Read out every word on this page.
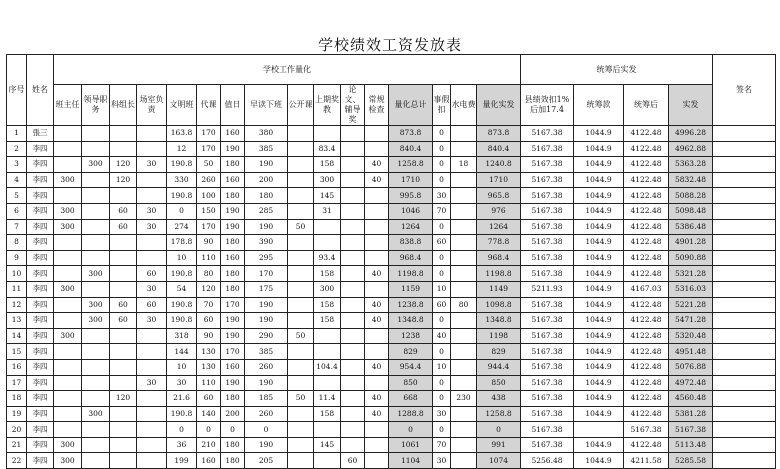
学校绩效工资发放表
序号	姓名	学校工作量化																统筹后实发				签名
		班主任	领导职务	科组长	场室负责	文明班	代课	值日	早读下班	公开课	上期奖教	论文、辅导奖	常规检查	量化总计	事假扣	水电费	量化实发	县绩效扣1%后加17.4	统筹款	统筹后	实发	
1	張三					163.8	170	160	380					873.8	0		873.8	5167.38	1044.9	4122.48	4996.28	
2	李四					12	170	190	385		83.4			840.4	0		840.4	5167.38	1044.9	4122.48	4962.88	
3	李四		300	120	30	190.8	50	180	190		158		40	1258.8	0	18	1240.8	5167.38	1044.9	4122.48	5363.28	
4	李四	300		120		330	260	160	200		300		40	1710	0		1710	5167.38	1044.9	4122.48	5832.48	
5	李四					190.8	100	180	180		145			995.8	30		965.8	5167.38	1044.9	4122.48	5088.28	
6	李四	300		60	30	0	150	190	285		31			1046	70		976	5167.38	1044.9	4122.48	5098.48	
7	李四	300		60	30	274	170	190	190	50				1264	0		1264	5167.38	1044.9	4122.48	5386.48	
8	李四					178.8	90	180	390					838.8	60		778.8	5167.38	1044.9	4122.48	4901.28	
9	李四					10	110	160	295		93.4			968.4	0		968.4	5167.38	1044.9	4122.48	5090.88	
10	李四		300		60	190.8	80	180	170		158		40	1198.8	0		1198.8	5167.38	1044.9	4122.48	5321.28	
11	李四	300			30	54	120	180	175		300			1159	10		1149	5211.93	1044.9	4167.03	5316.03	
12	李四		300	60	60	190.8	70	170	190		158		40	1238.8	60	80	1098.8	5167.38	1044.9	4122.48	5221.28	
13	李四		300	60	30	190.8	60	190	190		158		40	1348.8	0		1348.8	5167.38	1044.9	4122.48	5471.28	
14	李四	300				318	90	190	290	50				1238	40		1198	5167.38	1044.9	4122.48	5320.48	
15	李四					144	130	170	385					829	0		829	5167.38	1044.9	4122.48	4951.48	
16	李四					10	130	160	260		104.4		40	954.4	10		944.4	5167.38	1044.9	4122.48	5076.88	
17	李四				30	30	110	190	190					850	0		850	5167.38	1044.9	4122.48	4972.48	
18	李四			120		21.6	60	180	185	50	11.4		40	668	0	230	438	5167.38	1044.9	4122.48	4560.48	
19	李四		300			190.8	140	200	260		158		40	1288.8	30		1258.8	5167.38	1044.9	4122.48	5381.28	
20	李四					0	0	0	0					0	0		0	5167.38		5167.38	5167.38	
21	李四	300				36	210	180	190		145			1061	70		991	5167.38	1044.9	4122.48	5113.48	
22	李四	300				199	160	180	205			60		1104	30		1074	5256.48	1044.9	4211.58	5285.58	
